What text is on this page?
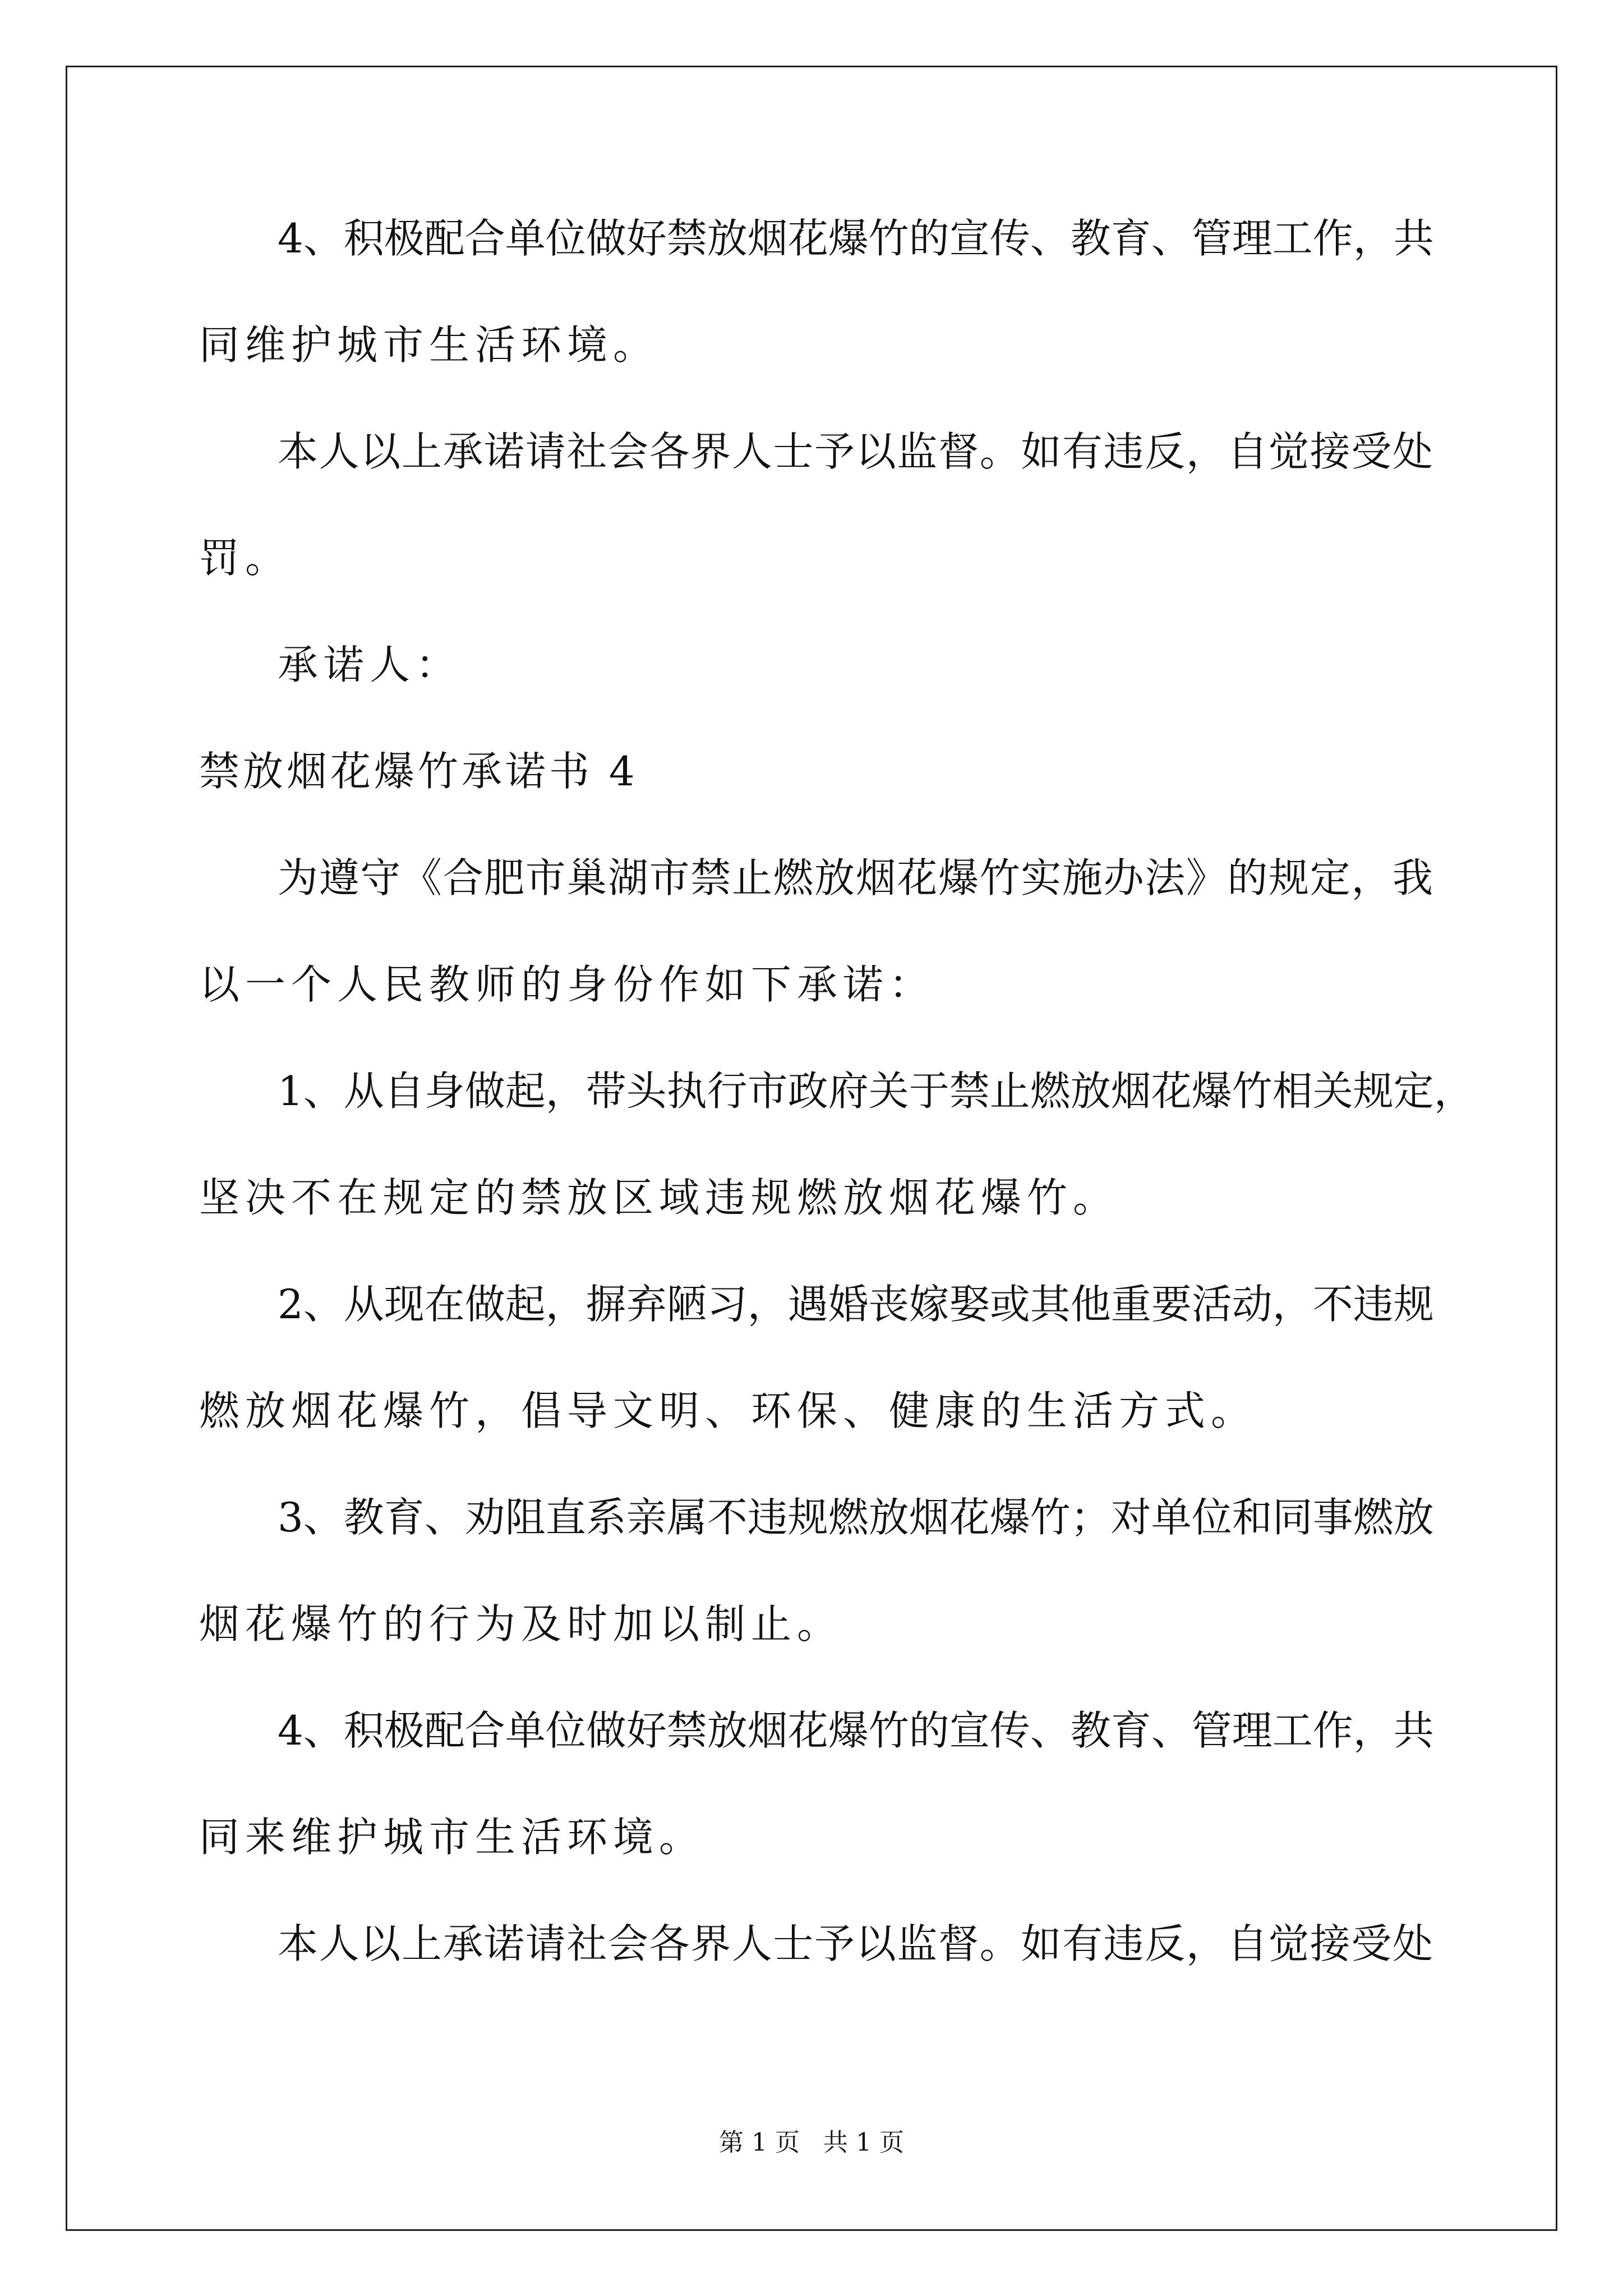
4、积极配合单位做好禁放烟花爆竹的宣传、教育、管理工作，共
同维护城市生活环境。
本人以上承诺请社会各界人士予以监督。如有违反，自觉接受处
罚。
承诺人：
禁放烟花爆竹承诺书 4
为遵守《合肥市巢湖市禁止燃放烟花爆竹实施办法》的规定，我
以一个人民教师的身份作如下承诺：
1、从自身做起，带头执行市政府关于禁止燃放烟花爆竹相关规定，
坚决不在规定的禁放区域违规燃放烟花爆竹。
2、从现在做起，摒弃陋习，遇婚丧嫁娶或其他重要活动，不违规
燃放烟花爆竹，倡导文明、环保、健康的生活方式。
3、教育、劝阻直系亲属不违规燃放烟花爆竹；对单位和同事燃放
烟花爆竹的行为及时加以制止。
4、积极配合单位做好禁放烟花爆竹的宣传、教育、管理工作，共
同来维护城市生活环境。
本人以上承诺请社会各界人士予以监督。如有违反，自觉接受处
第 1 页 共 1 页
